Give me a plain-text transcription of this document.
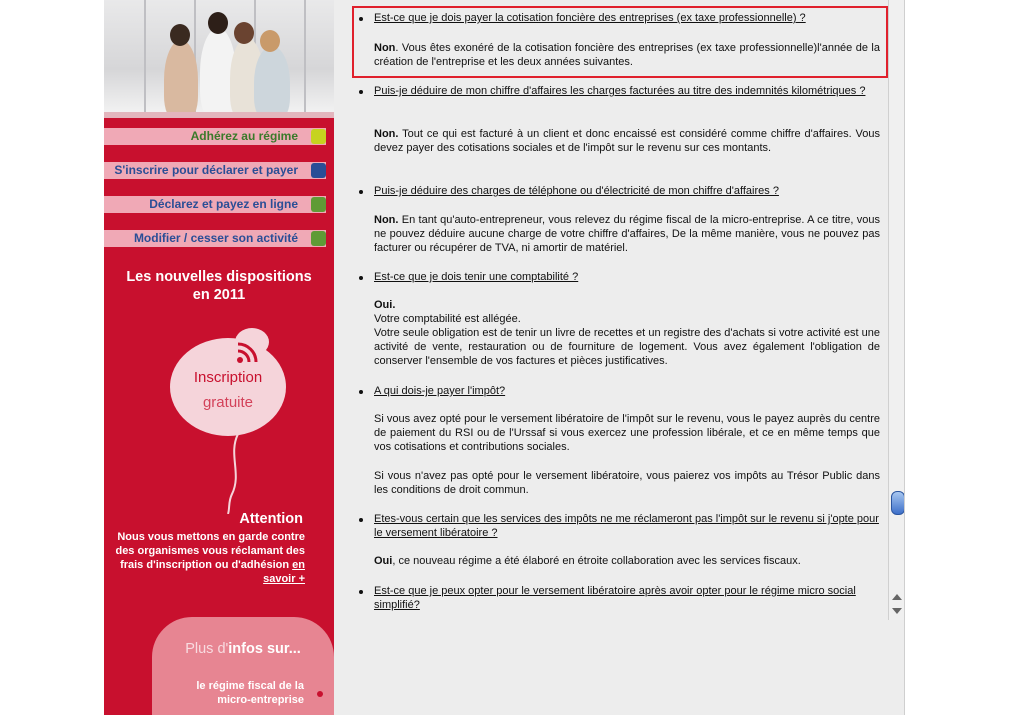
Adhérez au régime
S'inscrire pour déclarer et payer
Déclarez et payez en ligne
Modifier / cesser son activité
Les nouvelles dispositions
en 2011
Inscription
gratuite
Attention
Nous vous mettons en garde contre des organismes vous réclamant des frais d'inscription ou d'adhésion en savoir +
Plus d'infos sur...
le régime fiscal de la
micro-entreprise
Est-ce que je dois payer la cotisation foncière des entreprises (ex taxe professionnelle) ?
Non. Vous êtes exonéré de la cotisation foncière des entreprises (ex taxe professionnelle)l'année de la création de l'entreprise et les deux années suivantes.
Puis-je déduire de mon chiffre d'affaires les charges facturées au titre des indemnités kilométriques ?
Non. Tout ce qui est facturé à un client et donc encaissé est considéré comme chiffre d'affaires. Vous devez payer des cotisations sociales et de l'impôt sur le revenu sur ces montants.
Puis-je déduire des charges de téléphone ou d'électricité de mon chiffre d'affaires ?
Non. En tant qu'auto-entrepreneur, vous relevez du régime fiscal de la micro-entreprise. A ce titre, vous ne pouvez déduire aucune charge de votre chiffre d'affaires, De la même manière, vous ne pouvez pas facturer ou récupérer de TVA, ni amortir de matériel.
Est-ce que je dois tenir une comptabilité ?
Oui.
Votre comptabilité est allégée.
Votre seule obligation est de tenir un livre de recettes et un registre des d'achats si votre activité est une activité de vente, restauration ou de fourniture de logement. Vous avez également l'obligation de conserver l'ensemble de vos factures et pièces justificatives.
A qui dois-je payer l'impôt?
Si vous avez opté pour le versement libératoire de l'impôt sur le revenu, vous le payez auprès du centre de paiement du RSI ou de l'Urssaf si vous exercez une profession libérale, et ce en même temps que vos cotisations et contributions sociales.
Si vous n'avez pas opté pour le versement libératoire, vous paierez vos impôts au Trésor Public dans les conditions de droit commun.
Etes-vous certain que les services des impôts ne me réclameront pas l'impôt sur le revenu si j'opte pour le versement libératoire ?
Oui, ce nouveau régime a été élaboré en étroite collaboration avec les services fiscaux.
Est-ce que je peux opter pour le versement libératoire après avoir opter pour le régime micro social simplifié?
